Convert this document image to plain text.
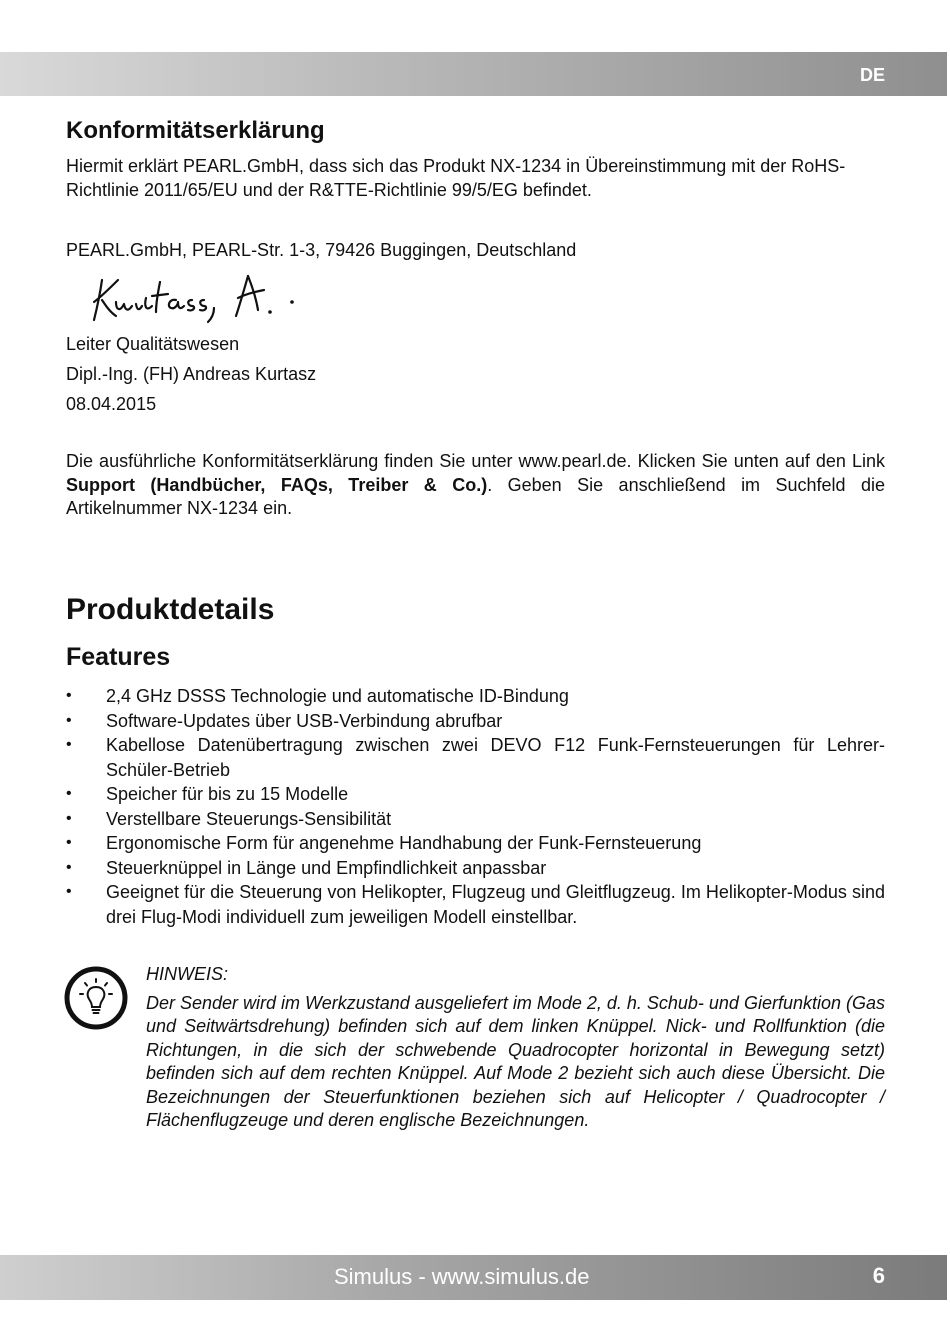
DE
Konformitätserklärung

Hiermit erklärt PEARL.GmbH, dass sich das Produkt NX-1234 in Übereinstimmung mit der RoHS-Richtlinie 2011/65/EU und der R&TTE-Richtlinie 99/5/EG befindet.

PEARL.GmbH, PEARL-Str. 1-3, 79426 Buggingen, Deutschland

Leiter Qualitätswesen

Dipl.-Ing. (FH) Andreas Kurtasz

08.04.2015

Die ausführliche Konformitätserklärung finden Sie unter www.pearl.de. Klicken Sie unten auf den Link Support (Handbücher, FAQs, Treiber & Co.). Geben Sie anschließend im Suchfeld die Artikelnummer NX-1234 ein.

Produktdetails
Features
• 2,4 GHz DSSS Technologie und automatische ID-Bindung
• Software-Updates über USB-Verbindung abrufbar
• Kabellose Datenübertragung zwischen zwei DEVO F12 Funk-Fernsteuerungen für Lehrer-Schüler-Betrieb
• Speicher für bis zu 15 Modelle
• Verstellbare Steuerungs-Sensibilität
• Ergonomische Form für angenehme Handhabung der Funk-Fernsteuerung
• Steuerknüppel in Länge und Empfindlichkeit anpassbar
• Geeignet für die Steuerung von Helikopter, Flugzeug und Gleitflugzeug. Im Helikopter-Modus sind drei Flug-Modi individuell zum jeweiligen Modell einstellbar.

HINWEIS:

Der Sender wird im Werkzustand ausgeliefert im Mode 2, d. h. Schub- und Gierfunktion (Gas und Seitwärtsdrehung) befinden sich auf dem linken Knüppel. Nick- und Rollfunktion (die Richtungen, in die sich der schwebende Quadrocopter horizontal in Bewegung setzt) befinden sich auf dem rechten Knüppel. Auf Mode 2 bezieht sich auch diese Übersicht. Die Bezeichnungen der Steuerfunktionen beziehen sich auf Helicopter / Quadrocopter / Flächenflugzeuge und deren englische Bezeichnungen.

Simulus - www.simulus.de	6
